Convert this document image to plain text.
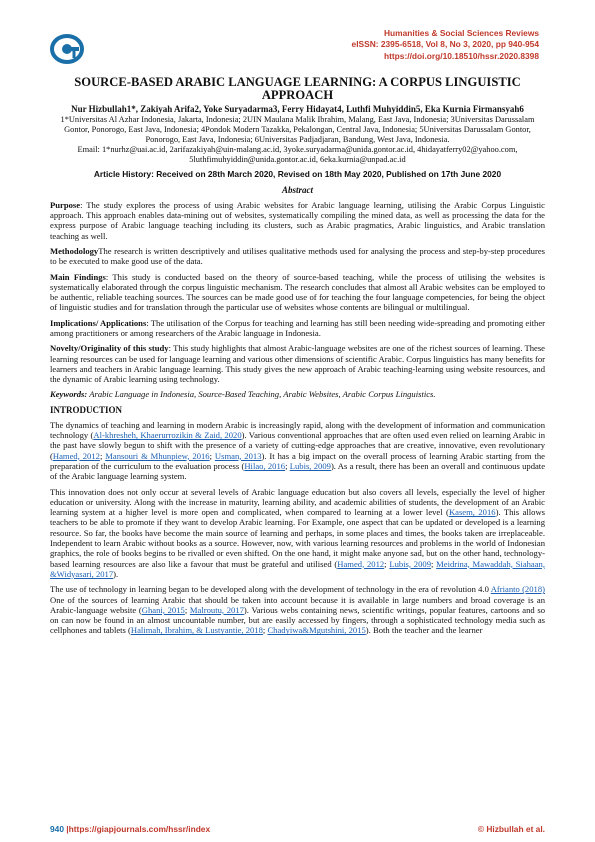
Humanities & Social Sciences Reviews
eISSN: 2395-6518, Vol 8, No 3, 2020, pp 940-954
https://doi.org/10.18510/hssr.2020.8398
SOURCE-BASED ARABIC LANGUAGE LEARNING: A CORPUS LINGUISTIC APPROACH
Nur Hizbullah1*, Zakiyah Arifa2, Yoke Suryadarma3, Ferry Hidayat4, Luthfi Muhyiddin5, Eka Kurnia Firmansyah6
1*Universitas Al Azhar Indonesia, Jakarta, Indonesia; 2UIN Maulana Malik Ibrahim, Malang, East Java, Indonesia; 3Universitas Darussalam Gontor, Ponorogo, East Java, Indonesia; 4Pondok Modern Tazakka, Pekalongan, Central Java, Indonesia; 5Universitas Darussalam Gontor, Ponorogo, East Java, Indonesia; 6Universitas Padjadjaran, Bandung, West Java, Indonesia.
Email: 1*nurhz@uai.ac.id, 2arifazakiyah@uin-malang.ac.id, 3yoke.suryadarma@unida.gontor.ac.id, 4hidayatferry02@yahoo.com, 5luthfimuhyiddin@unida.gontor.ac.id, 6eka.kurnia@unpad.ac.id
Article History: Received on 28th March 2020, Revised on 18th May 2020, Published on 17th June 2020
Abstract

Purpose: The study explores the process of using Arabic websites for Arabic language learning, utilising the Arabic Corpus Linguistic approach. This approach enables data-mining out of websites, systematically compiling the mined data, as well as processing the data for the express purpose of Arabic language teaching including its clusters, such as Arabic pragmatics, Arabic linguistics, and Arabic translation teaching as well.

MethodologyThe research is written descriptively and utilises qualitative methods used for analysing the process and step-by-step procedures to be executed to make good use of the data.

Main Findings: This study is conducted based on the theory of source-based teaching, while the process of utilising the websites is systematically elaborated through the corpus linguistic mechanism. The research concludes that almost all Arabic websites can be employed to be authentic, reliable teaching sources. The sources can be made good use of for teaching the four language competencies, for being the object of linguistic studies and for translation through the particular use of websites whose contents are bilingual or multilingual.

Implications/ Applications: The utilisation of the Corpus for teaching and learning has still been needing wide-spreading and promoting either among practitioners or among researchers of the Arabic language in Indonesia.

Novelty/Originality of this study: This study highlights that almost Arabic-language websites are one of the richest sources of learning. These learning resources can be used for language learning and various other dimensions of scientific Arabic. Corpus linguistics has many benefits for learners and teachers in Arabic language learning. This study gives the new approach of Arabic teaching-learning using website resources, and the dynamic of Arabic learning using technology.

Keywords: Arabic Language in Indonesia, Source-Based Teaching, Arabic Websites, Arabic Corpus Linguistics.

INTRODUCTION

The dynamics of teaching and learning in modern Arabic is increasingly rapid, along with the development of information and communication technology (Al-khresheh, Khaerurrozikin & Zaid, 2020). Various conventional approaches that are often used even relied on learning Arabic in the past have slowly begun to shift with the presence of a variety of cutting-edge approaches that are creative, innovative, even revolutionary (Hamed, 2012; Mansouri & Mhunpiew, 2016; Usman, 2013). It has a big impact on the overall process of learning Arabic starting from the preparation of the curriculum to the evaluation process (Hilao, 2016; Lubis, 2009). As a result, there has been an overall and continuous update of the Arabic language learning system.

This innovation does not only occur at several levels of Arabic language education but also covers all levels, especially the level of higher education or university. Along with the increase in maturity, learning ability, and academic abilities of students, the development of an Arabic learning system at a higher level is more open and complicated, when compared to learning at a lower level (Kasem, 2016). This allows teachers to be able to promote if they want to develop Arabic learning. For Example, one aspect that can be updated or developed is a learning resource. So far, the books have become the main source of learning and perhaps, in some places and times, the books taken are irreplaceable. Independent to learn Arabic without books as a source. However, now, with various learning resources and problems in the world of Indonesian graphics, the role of books begins to be rivalled or even shifted. On the one hand, it might make anyone sad, but on the other hand, technology-based learning resources are also like a favour that must be grateful and utilised (Hamed, 2012; Lubis, 2009; Meidrina, Mawaddah, Siahaan, &Widyasari, 2017).

The use of technology in learning began to be developed along with the development of technology in the era of revolution 4.0 Afrianto (2018) One of the sources of learning Arabic that should be taken into account because it is available in large numbers and broad coverage is an Arabic-language website (Ghani, 2015; Malroutu, 2017). Various webs containing news, scientific writings, popular features, cartoons and so on can now be found in an almost uncountable number, but are easily accessed by fingers, through a sophisticated technology media such as cellphones and tablets (Halimah, Ibrahim, & Lustyantie, 2018; Chadyiwa&Mgutshini, 2015). Both the teacher and the learner

940 |https://giapjournals.com/hssr/index	© Hizbullah et al.
